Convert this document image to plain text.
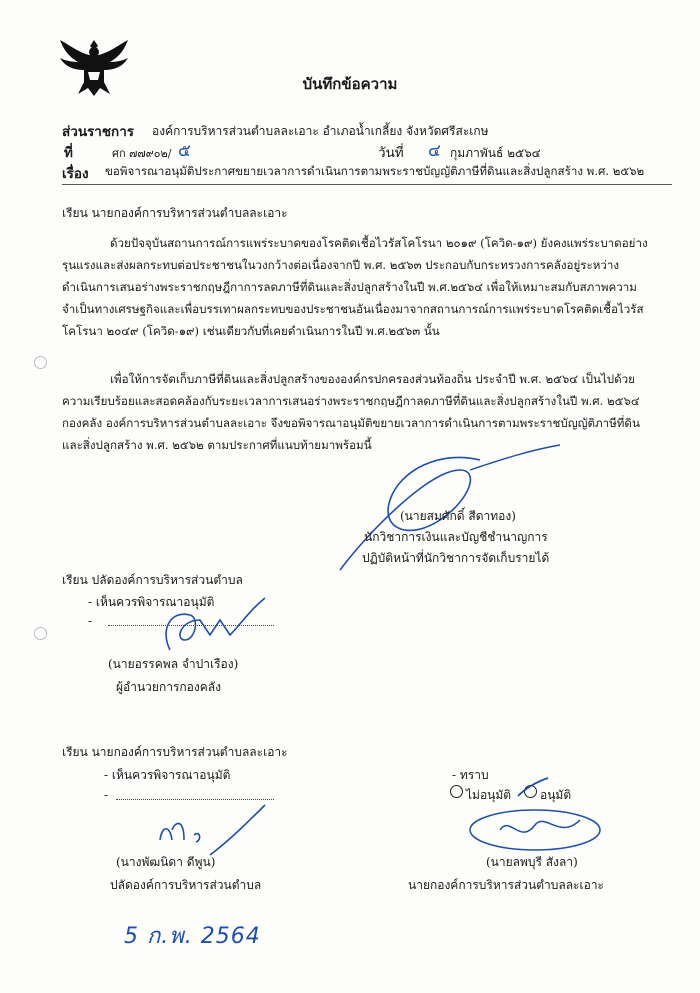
บันทึกข้อความ
ส่วนราชการ องค์การบริหารส่วนตำบลละเอาะ อำเภอน้ำเกลี้ยง จังหวัดศรีสะเกษ
ที่	ศก ๗๗๙๐๒/ ๕	วันที่ ๔ กุมภาพันธ์ ๒๕๖๔
เรื่อง ขอพิจารณาอนุมัติประกาศขยายเวลาการดำเนินการตามพระราชบัญญัติภาษีที่ดินและสิ่งปลูกสร้าง พ.ศ. ๒๕๖๒
เรียน นายกองค์การบริหารส่วนตำบลละเอาะ
ด้วยปัจจุบันสถานการณ์การแพร่ระบาดของโรคติดเชื้อไวรัสโคโรนา ๒๐๑๙ (โควิด-๑๙) ยังคงแพร่ระบาดอย่าง
รุนแรงและส่งผลกระทบต่อประชาชนในวงกว้างต่อเนื่องจากปี พ.ศ. ๒๕๖๓ ประกอบกับกระทรวงการคลังอยู่ระหว่าง
ดำเนินการเสนอร่างพระราชกฤษฎีกาการลดภาษีที่ดินและสิ่งปลูกสร้างในปี พ.ศ.๒๕๖๔ เพื่อให้เหมาะสมกับสภาพความ
จำเป็นทางเศรษฐกิจและเพื่อบรรเทาผลกระทบของประชาชนอันเนื่องมาจากสถานการณ์การแพร่ระบาดโรคติดเชื้อไวรัส
โคโรนา ๒๐๔๙ (โควิด-๑๙) เช่นเดียวกับที่เคยดำเนินการในปี พ.ศ.๒๕๖๓ นั้น
เพื่อให้การจัดเก็บภาษีที่ดินและสิ่งปลูกสร้างขององค์กรปกครองส่วนท้องถิ่น ประจำปี พ.ศ. ๒๕๖๔ เป็นไปด้วย
ความเรียบร้อยและสอดคล้องกับระยะเวลาการเสนอร่างพระราชกฤษฎีกาลดภาษีที่ดินและสิ่งปลูกสร้างในปี พ.ศ. ๒๕๖๔
กองคลัง องค์การบริหารส่วนตำบลละเอาะ จึงขอพิจารณาอนุมัติขยายเวลาการดำเนินการตามพระราชบัญญัติภาษีที่ดิน
และสิ่งปลูกสร้าง พ.ศ. ๒๕๖๒ ตามประกาศที่แนบท้ายมาพร้อมนี้
(นายสมศักดิ์ สีดาทอง)
นักวิชาการเงินและบัญชีชำนาญการ
ปฏิบัติหน้าที่นักวิชาการจัดเก็บรายได้
เรียน ปลัดองค์การบริหารส่วนตำบล
- เห็นควรพิจารณาอนุมัติ
-
(นายอรรคพล จำปาเรือง)
ผู้อำนวยการกองคลัง
เรียน นายกองค์การบริหารส่วนตำบลละเอาะ
- เห็นควรพิจารณาอนุมัติ
-
(นางพัฒนิดา ดีพูน)
ปลัดองค์การบริหารส่วนตำบล
- ทราบ
ไม่อนุมัติ อนุมัติ
(นายลพบุรี สังลา)
นายกองค์การบริหารส่วนตำบลละเอาะ
5 ก.พ. 2564
